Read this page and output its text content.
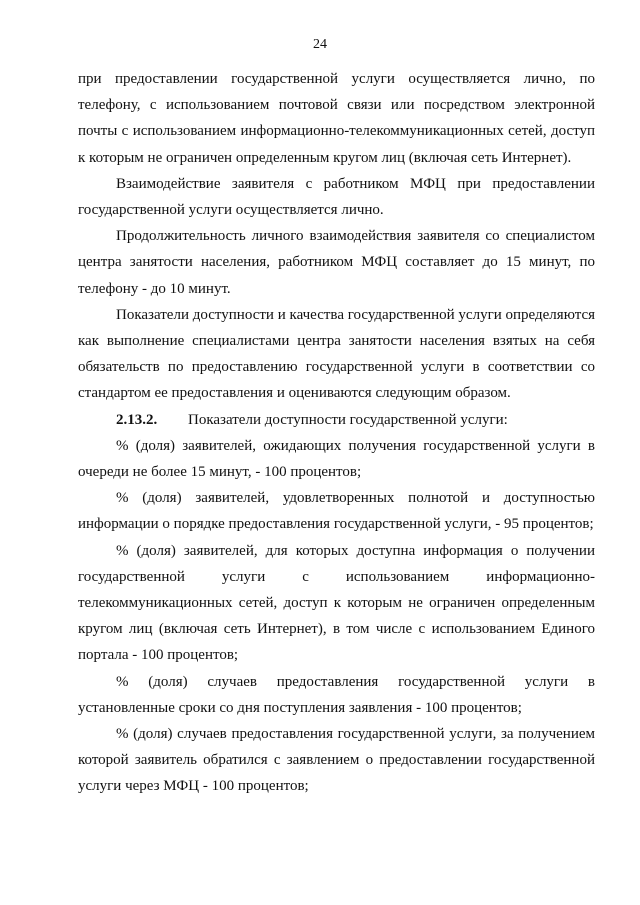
24

при предоставлении государственной услуги осуществляется лично, по телефону, с использованием почтовой связи или посредством электронной почты с использованием информационно-телекоммуникационных сетей, доступ к которым не ограничен определенным кругом лиц (включая сеть Интернет).

Взаимодействие заявителя с работником МФЦ при предоставлении государственной услуги осуществляется лично.

Продолжительность личного взаимодействия заявителя со специалистом центра занятости населения, работником МФЦ составляет до 15 минут, по телефону - до 10 минут.

Показатели доступности и качества государственной услуги определяются как выполнение специалистами центра занятости населения взятых на себя обязательств по предоставлению государственной услуги в соответствии со стандартом ее предоставления и оцениваются следующим образом.

2.13.2. Показатели доступности государственной услуги:

% (доля) заявителей, ожидающих получения государственной услуги в очереди не более 15 минут, - 100 процентов;

% (доля) заявителей, удовлетворенных полнотой и доступностью информации о порядке предоставления государственной услуги, - 95 процентов;

% (доля) заявителей, для которых доступна информация о получении государственной услуги с использованием информационно-телекоммуникационных сетей, доступ к которым не ограничен определенным кругом лиц (включая сеть Интернет), в том числе с использованием Единого портала - 100 процентов;

% (доля) случаев предоставления государственной услуги в установленные сроки со дня поступления заявления - 100 процентов;

% (доля) случаев предоставления государственной услуги, за получением которой заявитель обратился с заявлением о предоставлении государственной услуги через МФЦ - 100 процентов;
